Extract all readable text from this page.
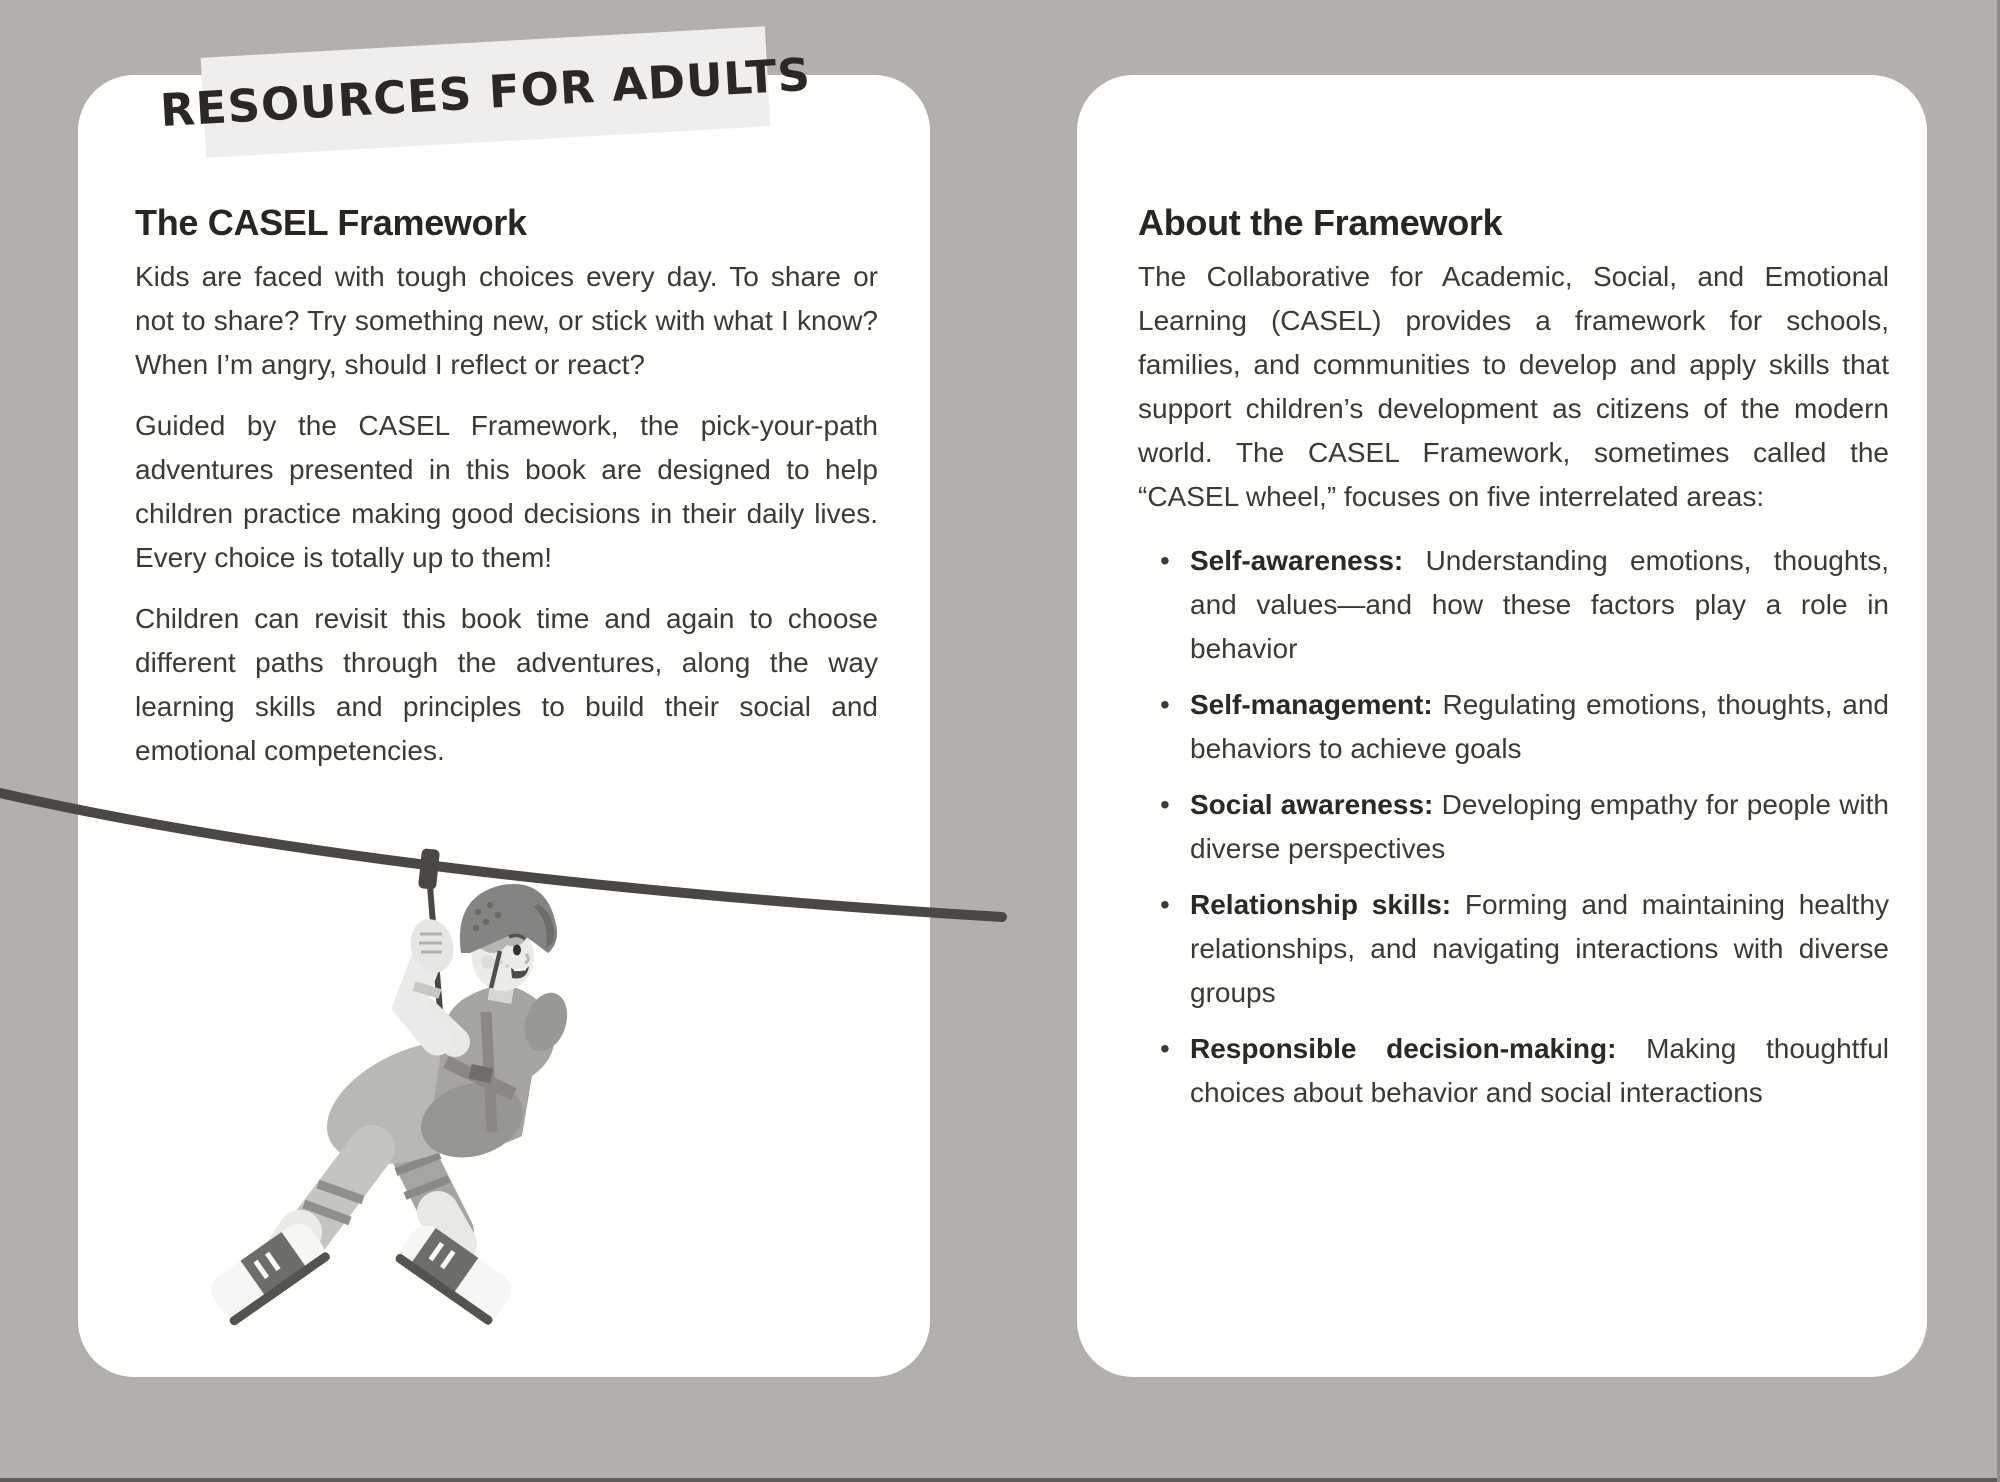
The CASEL Framework

Kids are faced with tough choices every day. To share or not to share? Try something new, or stick with what I know? When I’m angry, should I reflect or react?

Guided by the CASEL Framework, the pick-your-path adventures presented in this book are designed to help children practice making good decisions in their daily lives. Every choice is totally up to them!

Children can revisit this book time and again to choose different paths through the adventures, along the way learning skills and principles to build their social and emotional competencies.

About the Framework

The Collaborative for Academic, Social, and Emotional Learning (CASEL) provides a framework for schools, families, and communities to develop and apply skills that support children’s development as citizens of the modern world. The CASEL Framework, sometimes called the “CASEL wheel,” focuses on five interrelated areas:

• Self-awareness: Understanding emotions, thoughts, and values—and how these factors play a role in behavior
• Self-management: Regulating emotions, thoughts, and behaviors to achieve goals
• Social awareness: Developing empathy for people with diverse perspectives
• Relationship skills: Forming and maintaining healthy relationships, and navigating interactions with diverse groups
• Responsible decision-making: Making thoughtful choices about behavior and social interactions
RESOURCES FOR ADULTS
